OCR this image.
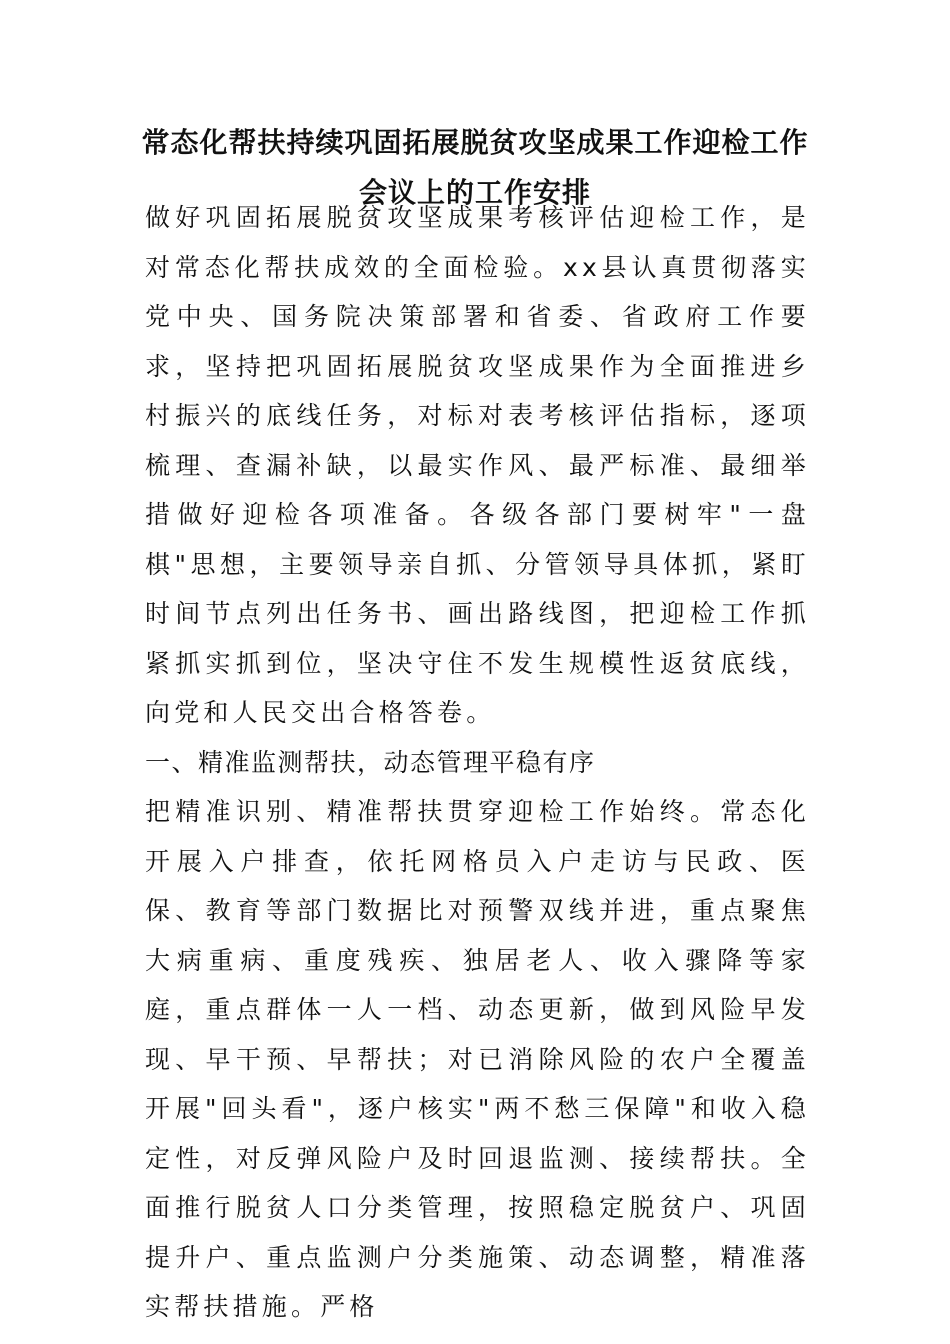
常态化帮扶持续巩固拓展脱贫攻坚成果工作迎检工作
会议上的工作安排

做好巩固拓展脱贫攻坚成果考核评估迎检工作，是对常态化帮扶成效的全面检验。xx县认真贯彻落实党中央、国务院决策部署和省委、省政府工作要求，坚持把巩固拓展脱贫攻坚成果作为全面推进乡村振兴的底线任务，对标对表考核评估指标，逐项梳理、查漏补缺，以最实作风、最严标准、最细举措做好迎检各项准备。各级各部门要树牢"一盘棋"思想，主要领导亲自抓、分管领导具体抓，紧盯时间节点列出任务书、画出路线图，把迎检工作抓紧抓实抓到位，坚决守住不发生规模性返贫底线，向党和人民交出合格答卷。

一、精准监测帮扶，动态管理平稳有序

把精准识别、精准帮扶贯穿迎检工作始终。常态化开展入户排查，依托网格员入户走访与民政、医保、教育等部门数据比对预警双线并进，重点聚焦大病重病、重度残疾、独居老人、收入骤降等家庭，重点群体一人一档、动态更新，做到风险早发现、早干预、早帮扶；对已消除风险的农户全覆盖开展"回头看"，逐户核实"两不愁三保障"和收入稳定性，对反弹风险户及时回退监测、接续帮扶。全面推行脱贫人口分类管理，按照稳定脱贫户、巩固提升户、重点监测户分类施策、动态调整，精准落实帮扶措施。严格
